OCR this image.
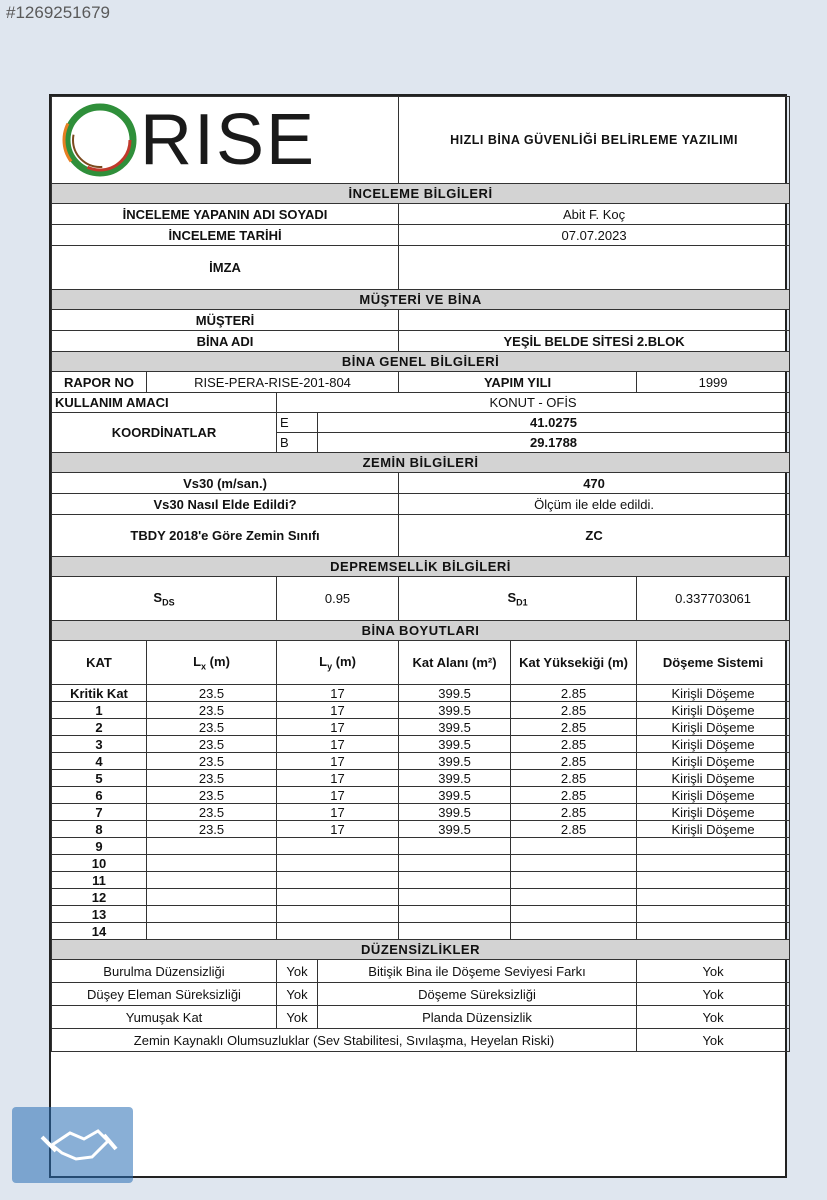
#1269251679
RISE				HIZLI BİNA GÜVENLİĞİ BELİRLEME YAZILIMI		
İNCELEME BİLGİLERİ						
İNCELEME YAPANIN ADI SOYADI				Abit F. Koç		
İNCELEME TARİHİ				07.07.2023		
İMZA						
MÜŞTERİ VE BİNA						
MÜŞTERİ						
BİNA ADI				YEŞİL BELDE SİTESİ 2.BLOK		
BİNA GENEL BİLGİLERİ						
RAPOR NO	RISE-PERA-RISE-201-804			YAPIM YILI		1999
KULLANIM AMACI		KONUT - OFİS				
KOORDİNATLAR		E	41.0275			
		B	29.1788			
ZEMİN BİLGİLERİ						
Vs30 (m/san.)				470		
Vs30 Nasıl Elde Edildi?				Ölçüm ile elde edildi.		
TBDY 2018'e Göre Zemin Sınıfı				ZC		
DEPREMSELLİK BİLGİLERİ						
$S_{DS}$		0.95		$S_{D1}$		0.337703061
BİNA BOYUTLARI						
KAT	$L_x$ (m)	$L_y$ (m)		Kat Alanı (m²)	Kat Yüksekiği (m)	Döşeme Sistemi
Kritik Kat	23.5	17		399.5	2.85	Kirişli Döşeme
1	23.5	17		399.5	2.85	Kirişli Döşeme
2	23.5	17		399.5	2.85	Kirişli Döşeme
3	23.5	17		399.5	2.85	Kirişli Döşeme
4	23.5	17		399.5	2.85	Kirişli Döşeme
5	23.5	17		399.5	2.85	Kirişli Döşeme
6	23.5	17		399.5	2.85	Kirişli Döşeme
7	23.5	17		399.5	2.85	Kirişli Döşeme
8	23.5	17		399.5	2.85	Kirişli Döşeme
9						
10						
11						
12						
13						
14						
DÜZENSİZLİKLER						
Burulma Düzensizliği		Yok	Bitişik Bina ile Döşeme Seviyesi Farkı			Yok
Düşey Eleman Süreksizliği		Yok	Döşeme Süreksizliği			Yok
Yumuşak Kat		Yok	Planda Düzensizlik			Yok
Zemin Kaynaklı Olumsuzluklar (Sev Stabilitesi, Sıvılaşma, Heyelan Riski)						Yok
